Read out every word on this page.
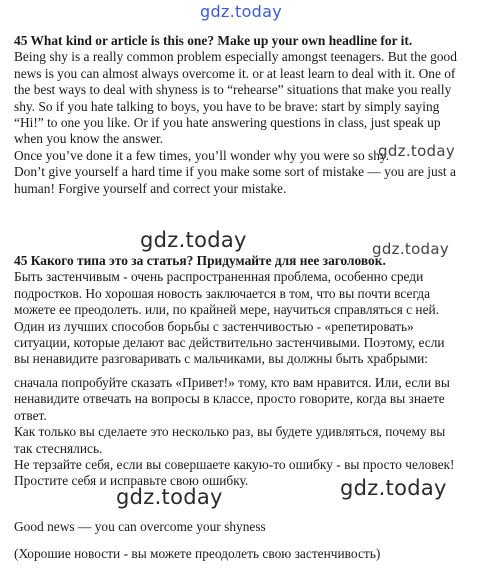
45 What kind or article is this one? Make up your own headline for it.
Being shy is a really common problem especially amongst teenagers. But the good
news is you can almost always overcome it. or at least learn to deal with it. One of
the best ways to deal with shyness is to “rehearse” situations that make you really
shy. So if you hate talking to boys, you have to be brave: start by simply saying
“Hi!” to one you like. Or if you hate answering questions in class, just speak up
when you know the answer.
Once you’ve done it a few times, you’ll wonder why you were so shy.
Don’t give yourself a hard time if you make some sort of mistake — you are just a
human! Forgive yourself and correct your mistake.
45 Какого типа это за статья? Придумайте для нее заголовок.
Быть застенчивым - очень распространенная проблема, особенно среди
подростков. Но хорошая новость заключается в том, что вы почти всегда
можете ее преодолеть. или, по крайней мере, научиться справляться с ней.
Один из лучших способов борьбы с застенчивостью - «репетировать»
ситуации, которые делают вас действительно застенчивыми. Поэтому, если
вы ненавидите разговаривать с мальчиками, вы должны быть храбрыми:
сначала попробуйте сказать «Привет!» тому, кто вам нравится. Или, если вы
ненавидите отвечать на вопросы в классе, просто говорите, когда вы знаете
ответ.
Как только вы сделаете это несколько раз, вы будете удивляться, почему вы
так стеснялись.
Не терзайте себя, если вы совершаете какую-то ошибку - вы просто человек!
Простите себя и исправьте свою ошибку.
Good news — you can overcome your shyness
(Хорошие новости - вы можете преодолеть свою застенчивость)
gdz.today
gdz.today
gdz.today	gdz.today
gdz.today	gdz.today
